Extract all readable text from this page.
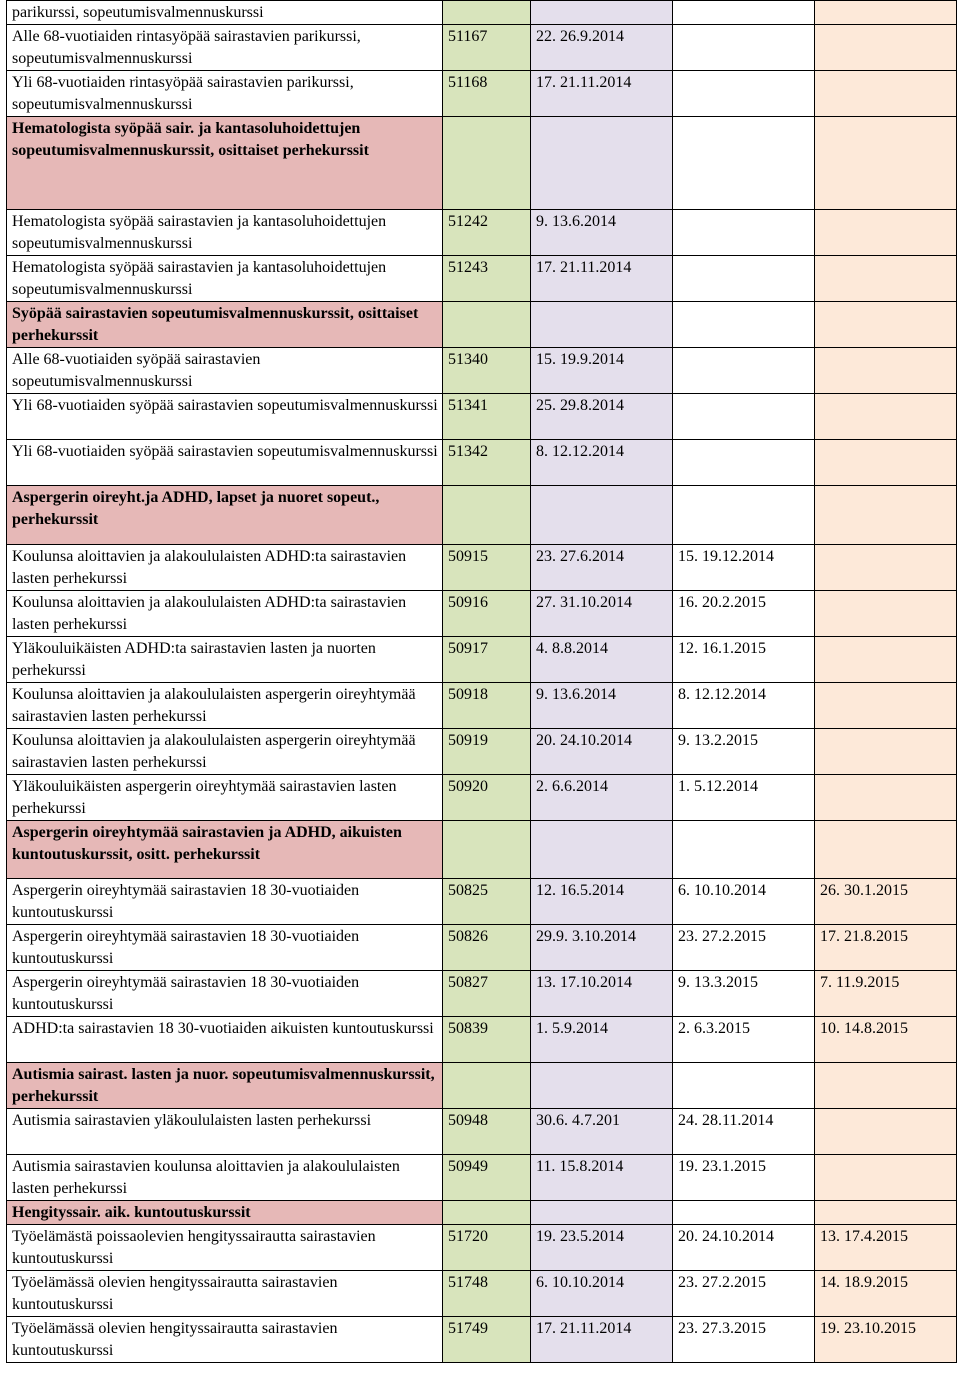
parikurssi, sopeutumisvalmennuskurssi				
Alle 68-vuotiaiden rintasyöpää sairastavien parikurssi, sopeutumisvalmennuskurssi	51167	22. 26.9.2014		
Yli 68-vuotiaiden rintasyöpää sairastavien parikurssi, sopeutumisvalmennuskurssi	51168	17. 21.11.2014		
Hematologista syöpää sair. ja kantasoluhoidettujen sopeutumisvalmennuskurssit, osittaiset perhekurssit				
Hematologista syöpää sairastavien ja kantasoluhoidettujen sopeutumisvalmennuskurssi	51242	9. 13.6.2014		
Hematologista syöpää sairastavien ja kantasoluhoidettujen sopeutumisvalmennuskurssi	51243	17. 21.11.2014		
Syöpää sairastavien sopeutumisvalmennuskurssit, osittaiset perhekurssit				
Alle 68-vuotiaiden syöpää sairastavien sopeutumisvalmennuskurssi	51340	15. 19.9.2014		
Yli 68-vuotiaiden syöpää sairastavien sopeutumisvalmennuskurssi	51341	25. 29.8.2014		
Yli 68-vuotiaiden syöpää sairastavien sopeutumisvalmennuskurssi	51342	8. 12.12.2014		
Aspergerin oireyht.ja ADHD, lapset ja nuoret sopeut., perhekurssit				
Koulunsa aloittavien ja alakoululaisten ADHD:ta sairastavien lasten perhekurssi	50915	23. 27.6.2014	15. 19.12.2014	
Koulunsa aloittavien ja alakoululaisten ADHD:ta sairastavien lasten perhekurssi	50916	27. 31.10.2014	16. 20.2.2015	
Yläkouluikäisten ADHD:ta sairastavien lasten ja nuorten perhekurssi	50917	4. 8.8.2014	12. 16.1.2015	
Koulunsa aloittavien ja alakoululaisten aspergerin oireyhtymää sairastavien lasten perhekurssi	50918	9. 13.6.2014	8. 12.12.2014	
Koulunsa aloittavien ja alakoululaisten aspergerin oireyhtymää sairastavien lasten perhekurssi	50919	20. 24.10.2014	9. 13.2.2015	
Yläkouluikäisten aspergerin oireyhtymää sairastavien lasten perhekurssi	50920	2. 6.6.2014	1. 5.12.2014	
Aspergerin oireyhtymää sairastavien ja ADHD, aikuisten kuntoutuskurssit, ositt. perhekurssit				
Aspergerin oireyhtymää sairastavien 18 30-vuotiaiden kuntoutuskurssi	50825	12. 16.5.2014	6. 10.10.2014	26. 30.1.2015
Aspergerin oireyhtymää sairastavien 18 30-vuotiaiden kuntoutuskurssi	50826	29.9. 3.10.2014	23. 27.2.2015	17. 21.8.2015
Aspergerin oireyhtymää sairastavien 18 30-vuotiaiden kuntoutuskurssi	50827	13. 17.10.2014	9. 13.3.2015	7. 11.9.2015
ADHD:ta sairastavien 18 30-vuotiaiden aikuisten kuntoutuskurssi	50839	1. 5.9.2014	2. 6.3.2015	10. 14.8.2015
Autismia sairast. lasten ja nuor. sopeutumisvalmennuskurssit, perhekurssit				
Autismia sairastavien yläkoululaisten lasten perhekurssi	50948	30.6. 4.7.201	24. 28.11.2014	
Autismia sairastavien koulunsa aloittavien ja alakoululaisten lasten perhekurssi	50949	11. 15.8.2014	19. 23.1.2015	
Hengityssair. aik. kuntoutuskurssit				
Työelämästä poissaolevien hengityssairautta sairastavien kuntoutuskurssi	51720	19. 23.5.2014	20. 24.10.2014	13. 17.4.2015
Työelämässä olevien hengityssairautta sairastavien kuntoutuskurssi	51748	6. 10.10.2014	23. 27.2.2015	14. 18.9.2015
Työelämässä olevien hengityssairautta sairastavien kuntoutuskurssi	51749	17. 21.11.2014	23. 27.3.2015	19. 23.10.2015
